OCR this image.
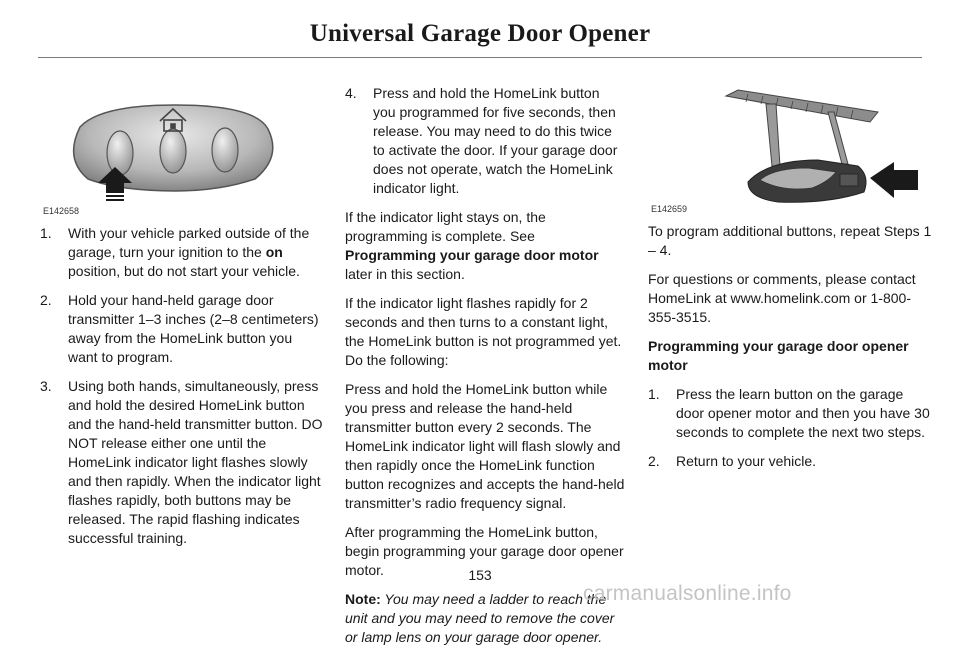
Universal Garage Door Opener
E142658
1. With your vehicle parked outside of the garage, turn your ignition to the on position, but do not start your vehicle.
2. Hold your hand-held garage door transmitter 1–3 inches (2–8 centimeters) away from the HomeLink button you want to program.
3. Using both hands, simultaneously, press and hold the desired HomeLink button and the hand-held transmitter button. DO NOT release either one until the HomeLink indicator light flashes slowly and then rapidly. When the indicator light flashes rapidly, both buttons may be released. The rapid flashing indicates successful training.
4. Press and hold the HomeLink button you programmed for five seconds, then release. You may need to do this twice to activate the door. If your garage door does not operate, watch the HomeLink indicator light.

If the indicator light stays on, the programming is complete. See Programming your garage door motor later in this section.

If the indicator light flashes rapidly for 2 seconds and then turns to a constant light, the HomeLink button is not programmed yet. Do the following:

Press and hold the HomeLink button while you press and release the hand-held transmitter button every 2 seconds. The HomeLink indicator light will flash slowly and then rapidly once the HomeLink function button recognizes and accepts the hand-held transmitter’s radio frequency signal.

After programming the HomeLink button, begin programming your garage door opener motor.

Note: You may need a ladder to reach the unit and you may need to remove the cover or lamp lens on your garage door opener.

E142659

To program additional buttons, repeat Steps 1 – 4.

For questions or comments, please contact HomeLink at www.homelink.com or 1-800-355-3515.

Programming your garage door opener motor

1. Press the learn button on the garage door opener motor and then you have 30 seconds to complete the next two steps.
2. Return to your vehicle.
153
carmanualsonline.info
